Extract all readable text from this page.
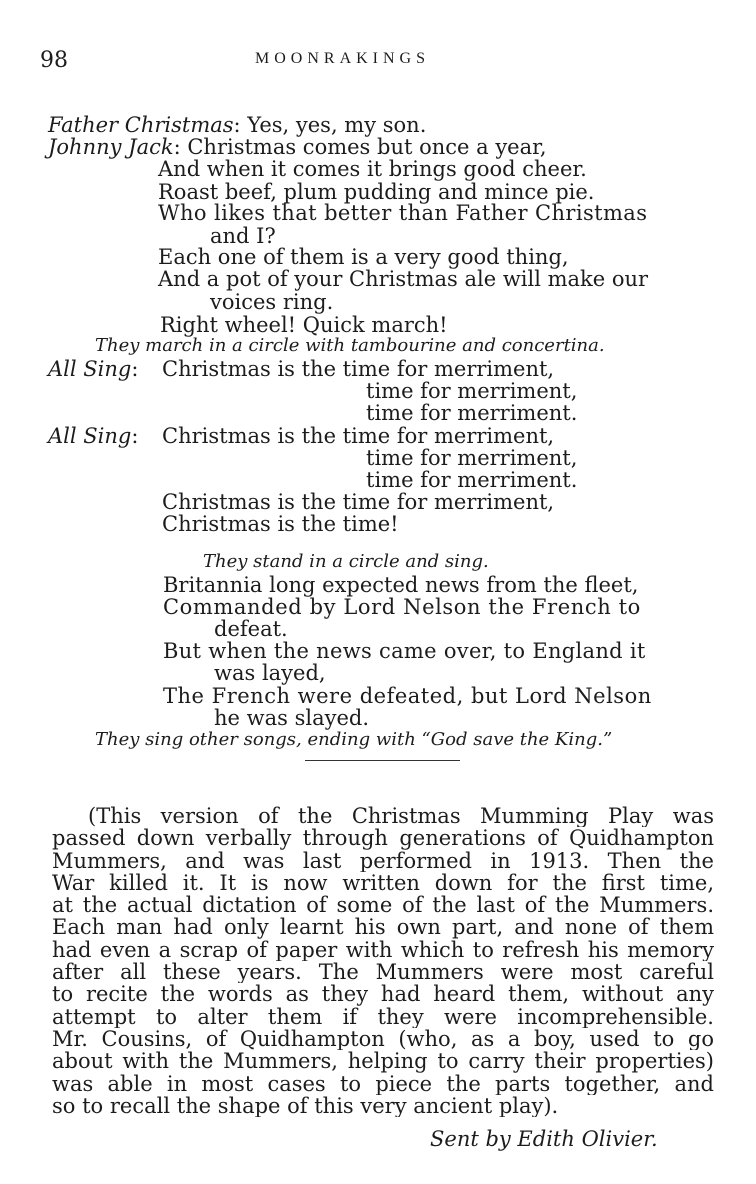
98	MOONRAKINGS
Father Christmas: Yes, yes, my son.
Johnny Jack: Christmas comes but once a year,
And when it comes it brings good cheer.
Roast beef, plum pudding and mince pie.
Who likes that better than Father Christmas
and I?
Each one of them is a very good thing,
And a pot of your Christmas ale will make our
voices ring.
Right wheel! Quick march!
They march in a circle with tambourine and concertina.
All Sing: Christmas is the time for merriment,
time for merriment,
time for merriment.
All Sing: Christmas is the time for merriment,
time for merriment,
time for merriment.
Christmas is the time for merriment,
Christmas is the time!
They stand in a circle and sing.
Britannia long expected news from the fleet,
Commanded by Lord Nelson the French to
defeat.
But when the news came over, to England it
was layed,
The French were defeated, but Lord Nelson
he was slayed.
They sing other songs, ending with “God save the King.”
(This version of the Christmas Mumming Play was
passed down verbally through generations of Quidhampton
Mummers, and was last performed in 1913. Then the
War killed it. It is now written down for the first time,
at the actual dictation of some of the last of the Mummers.
Each man had only learnt his own part, and none of them
had even a scrap of paper with which to refresh his memory
after all these years. The Mummers were most careful
to recite the words as they had heard them, without any
attempt to alter them if they were incomprehensible.
Mr. Cousins, of Quidhampton (who, as a boy, used to go
about with the Mummers, helping to carry their properties)
was able in most cases to piece the parts together, and
so to recall the shape of this very ancient play).
Sent by Edith Olivier.
